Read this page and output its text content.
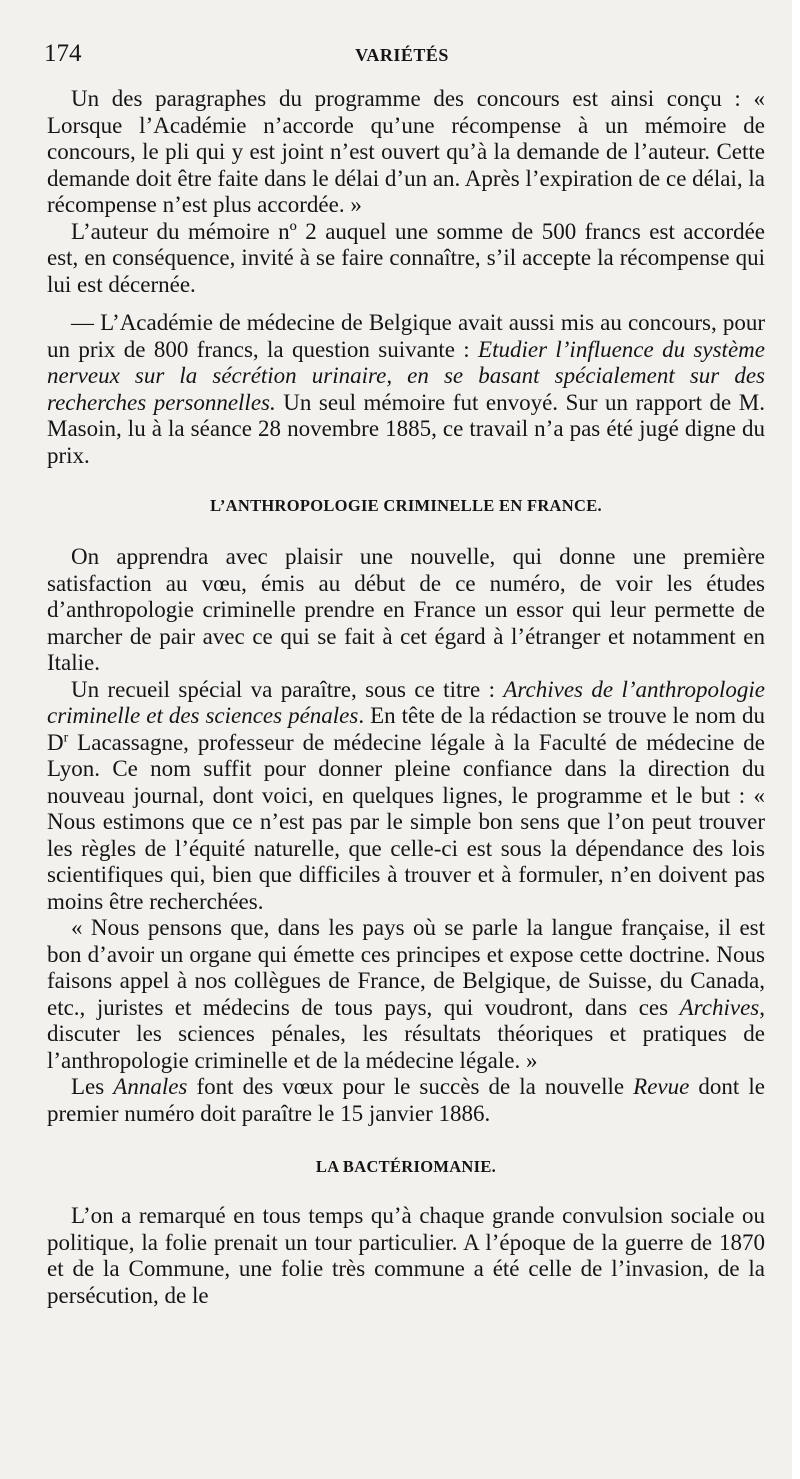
174	VARIÉTÉS

Un des paragraphes du programme des concours est ainsi conçu : « Lorsque l’Académie n’accorde qu’une récompense à un mémoire de concours, le pli qui y est joint n’est ouvert qu’à la demande de l’auteur. Cette demande doit être faite dans le délai d’un an. Après l’expiration de ce délai, la récompense n’est plus accordée. »

L’auteur du mémoire nº 2 auquel une somme de 500 francs est accordée est, en conséquence, invité à se faire connaître, s’il accepte la récompense qui lui est décernée.

— L’Académie de médecine de Belgique avait aussi mis au concours, pour un prix de 800 francs, la question suivante : Etudier l’influence du système nerveux sur la sécrétion urinaire, en se basant spécialement sur des recherches personnelles. Un seul mémoire fut envoyé. Sur un rapport de M. Masoin, lu à la séance 28 novembre 1885, ce travail n’a pas été jugé digne du prix.

L’ANTHROPOLOGIE CRIMINELLE EN FRANCE.

On apprendra avec plaisir une nouvelle, qui donne une première satisfaction au vœu, émis au début de ce numéro, de voir les études d’anthropologie criminelle prendre en France un essor qui leur permette de marcher de pair avec ce qui se fait à cet égard à l’étranger et notamment en Italie.

Un recueil spécial va paraître, sous ce titre : Archives de l’anthropologie criminelle et des sciences pénales. En tête de la rédaction se trouve le nom du $D^r$ Lacassagne, professeur de médecine légale à la Faculté de médecine de Lyon. Ce nom suffit pour donner pleine confiance dans la direction du nouveau journal, dont voici, en quelques lignes, le programme et le but : « Nous estimons que ce n’est pas par le simple bon sens que l’on peut trouver les règles de l’équité naturelle, que celle-ci est sous la dépendance des lois scientifiques qui, bien que difficiles à trouver et à formuler, n’en doivent pas moins être recherchées.

« Nous pensons que, dans les pays où se parle la langue française, il est bon d’avoir un organe qui émette ces principes et expose cette doctrine. Nous faisons appel à nos collègues de France, de Belgique, de Suisse, du Canada, etc., juristes et médecins de tous pays, qui voudront, dans ces Archives, discuter les sciences pénales, les résultats théoriques et pratiques de l’anthropologie criminelle et de la médecine légale. »

Les Annales font des vœux pour le succès de la nouvelle Revue dont le premier numéro doit paraître le 15 janvier 1886.

LA BACTÉRIOMANIE.

L’on a remarqué en tous temps qu’à chaque grande convulsion sociale ou politique, la folie prenait un tour particulier. A l’époque de la guerre de 1870 et de la Commune, une folie très commune a été celle de l’invasion, de la persécution, de le
